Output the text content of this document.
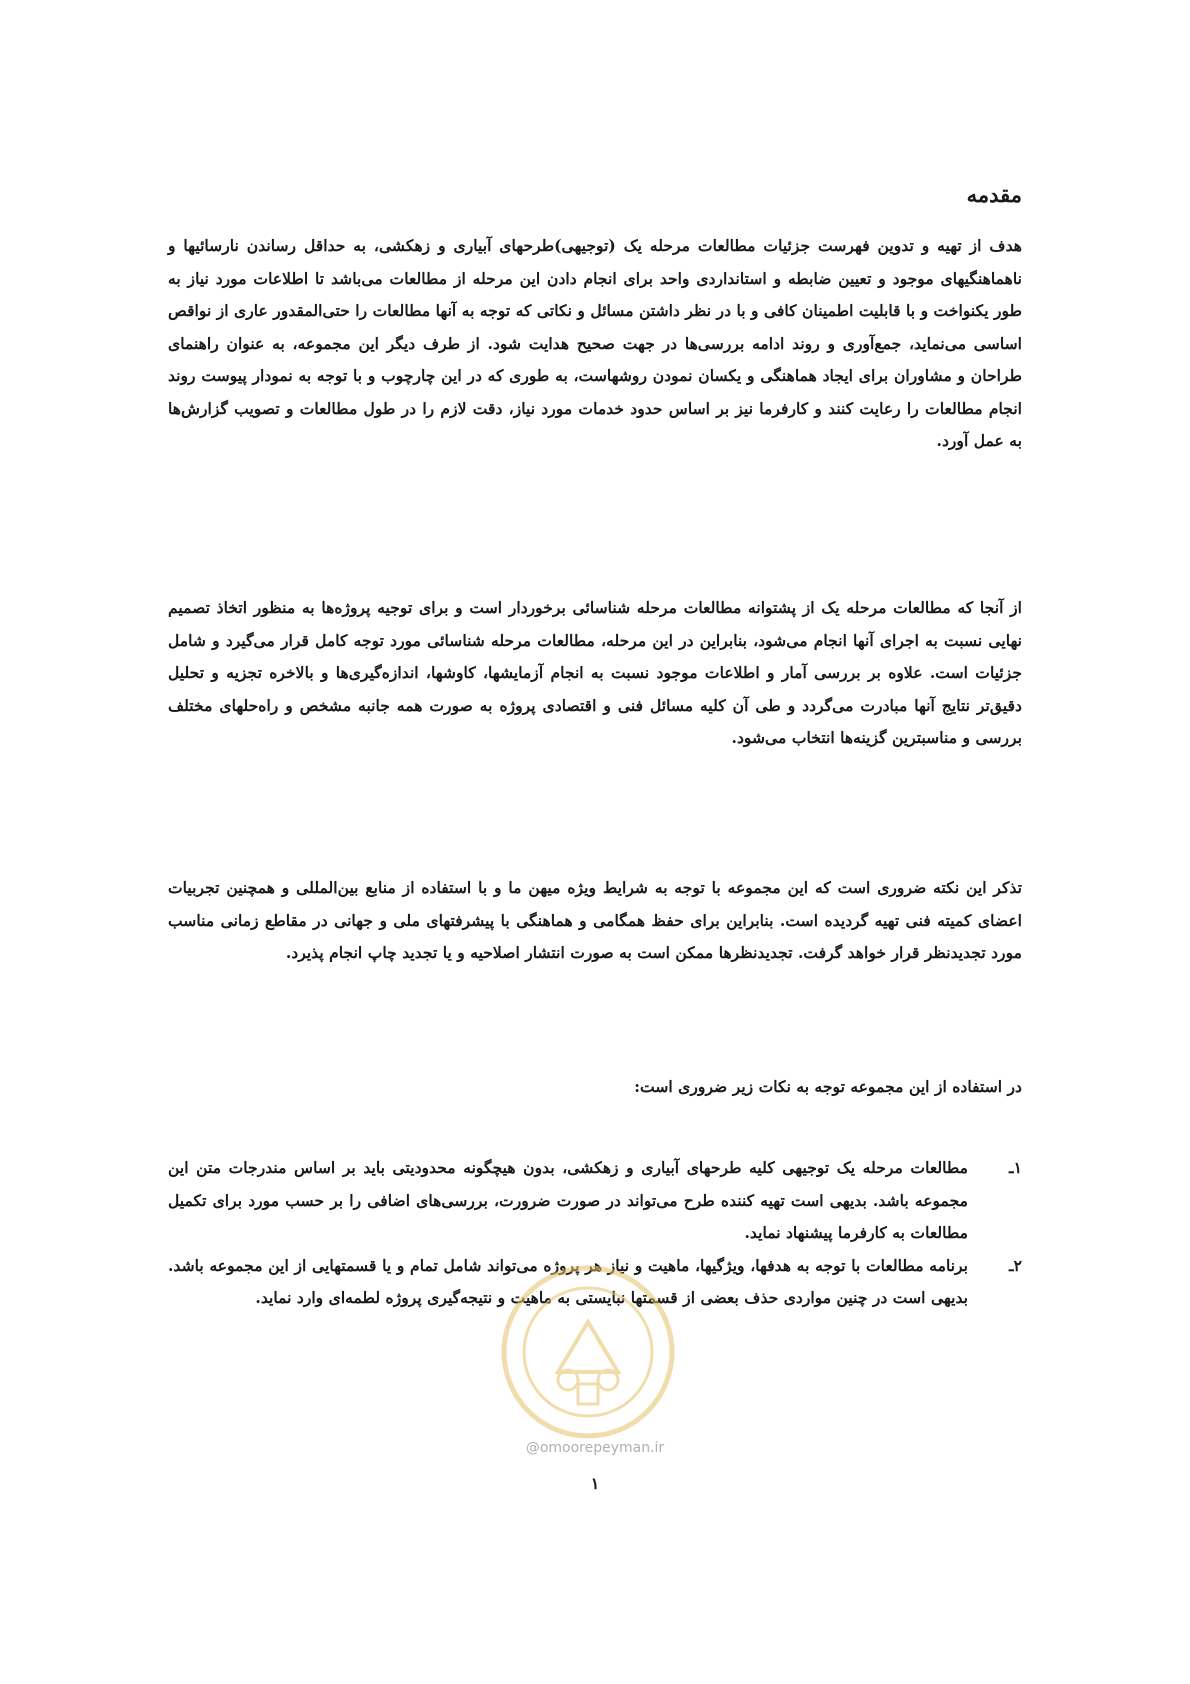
مقدمه

هدف از تهیه و تدوین فهرست جزئیات مطالعات مرحله یک (توجیهی)طرحهای آبیاری و زهکشی، به حداقل رساندن نارسائیها و ناهماهنگیهای موجود و تعیین ضابطه و استانداردی واحد برای انجام دادن این مرحله از مطالعات می‌باشد تا اطلاعات مورد نیاز به طور یکنواخت و با قابلیت اطمینان کافی و با در نظر داشتن مسائل و نکاتی که توجه به آنها مطالعات را حتی‌المقدور عاری از نواقص اساسی می‌نماید، جمع‌آوری و روند ادامه بررسی‌ها در جهت صحیح هدایت شود. از طرف دیگر این مجموعه، به عنوان راهنمای طراحان و مشاوران برای ایجاد هماهنگی و یکسان نمودن روشهاست، به طوری که در این چارچوب و با توجه به نمودار پیوست روند انجام مطالعات را رعایت کنند و کارفرما نیز بر اساس حدود خدمات مورد نیاز، دقت لازم را در طول مطالعات و تصویب گزارش‌ها به عمل آورد.

از آنجا که مطالعات مرحله یک از پشتوانه مطالعات مرحله شناسائی برخوردار است و برای توجیه پروژه‌ها به منظور اتخاذ تصمیم نهایی نسبت به اجرای آنها انجام می‌شود، بنابراین در این مرحله، مطالعات مرحله شناسائی مورد توجه کامل قرار می‌گیرد و شامل جزئیات است. علاوه بر بررسی آمار و اطلاعات موجود نسبت به انجام آزمایشها، کاوشها، اندازه‌گیری‌ها و بالاخره تجزیه و تحلیل دقیق‌تر نتایج آنها مبادرت می‌گردد و طی آن کلیه مسائل فنی و اقتصادی پروژه به صورت همه جانبه مشخص و راه‌حلهای مختلف بررسی و مناسبترین گزینه‌ها انتخاب می‌شود.

تذکر این نکته ضروری است که این مجموعه با توجه به شرایط ویژه میهن ما و با استفاده از منابع بین‌المللی و همچنین تجربیات اعضای کمیته فنی تهیه گردیده است. بنابراین برای حفظ همگامی و هماهنگی با پیشرفتهای ملی و جهانی در مقاطع زمانی مناسب مورد تجدیدنظر قرار خواهد گرفت. تجدیدنظرها ممکن است به صورت انتشار اصلاحیه و یا تجدید چاپ انجام پذیرد.

در استفاده از این مجموعه توجه به نکات زیر ضروری است:

۱ـ
مطالعات مرحله یک توجیهی کلیه طرحهای آبیاری و زهکشی، بدون هیچگونه محدودیتی باید بر اساس مندرجات متن این مجموعه باشد. بدیهی است تهیه کننده طرح می‌تواند در صورت ضرورت، بررسی‌های اضافی را بر حسب مورد برای تکمیل مطالعات به کارفرما پیشنهاد نماید.
۲ـ
برنامه مطالعات با توجه به هدفها، ویژگیها، ماهیت و نیاز هر پروژه می‌تواند شامل تمام و یا قسمتهایی از این مجموعه باشد. بدیهی است در چنین مواردی حذف بعضی از قسمتها نبایستی به ماهیت و نتیجه‌گیری پروژه لطمه‌ای وارد نماید.
@omoorepeyman.ir
۱
